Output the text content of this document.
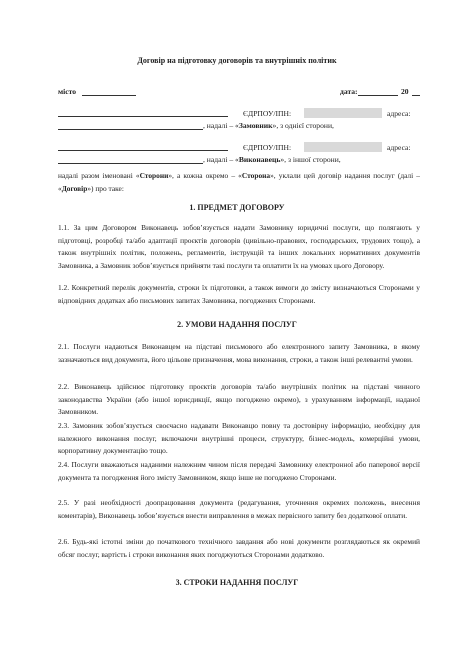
Договір на підготовку договорів та внутрішніх політик
місто	дата:	20
ЄДРПОУ/ІПН:	адреса:
, надалі – «Замовник», з однієї сторони,
ЄДРПОУ/ІПН:	адреса:
, надалі – «Виконавець», з іншої сторони,
надалі разом іменовані «Сторони», а кожна окремо – «Сторона», уклали цей договір надання послуг (далі – «Договір») про таке:
1. ПРЕДМЕТ ДОГОВОРУ
1.1. За цим Договором Виконавець зобов’язується надати Замовнику юридичні послуги, що полягають у підготовці, розробці та/або адаптації проєктів договорів (цивільно-правових, господарських, трудових тощо), а також внутрішніх політик, положень, регламентів, інструкцій та інших локальних нормативних документів Замовника, а Замовник зобов’язується прийняти такі послуги та оплатити їх на умовах цього Договору.
1.2. Конкретний перелік документів, строки їх підготовки, а також вимоги до змісту визначаються Сторонами у відповідних додатках або письмових запитах Замовника, погоджених Сторонами.
2. УМОВИ НАДАННЯ ПОСЛУГ
2.1. Послуги надаються Виконавцем на підставі письмового або електронного запиту Замовника, в якому зазначаються вид документа, його цільове призначення, мова виконання, строки, а також інші релевантні умови.
2.2. Виконавець здійснює підготовку проєктів договорів та/або внутрішніх політик на підставі чинного законодавства України (або іншої юрисдикції, якщо погоджено окремо), з урахуванням інформації, наданої Замовником.
2.3. Замовник зобов’язується своєчасно надавати Виконавцю повну та достовірну інформацію, необхідну для належного виконання послуг, включаючи внутрішні процеси, структуру, бізнес-модель, комерційні умови, корпоративну документацію тощо.
2.4. Послуги вважаються наданими належним чином після передачі Замовнику електронної або паперової версії документа та погодження його змісту Замовником, якщо інше не погоджено Сторонами.
2.5. У разі необхідності доопрацювання документа (редагування, уточнення окремих положень, внесення коментарів), Виконавець зобов’язується внести виправлення в межах первісного запиту без додаткової оплати.
2.6. Будь-які істотні зміни до початкового технічного завдання або нові документи розглядаються як окремий обсяг послуг, вартість і строки виконання яких погоджуються Сторонами додатково.
3. СТРОКИ НАДАННЯ ПОСЛУГ
